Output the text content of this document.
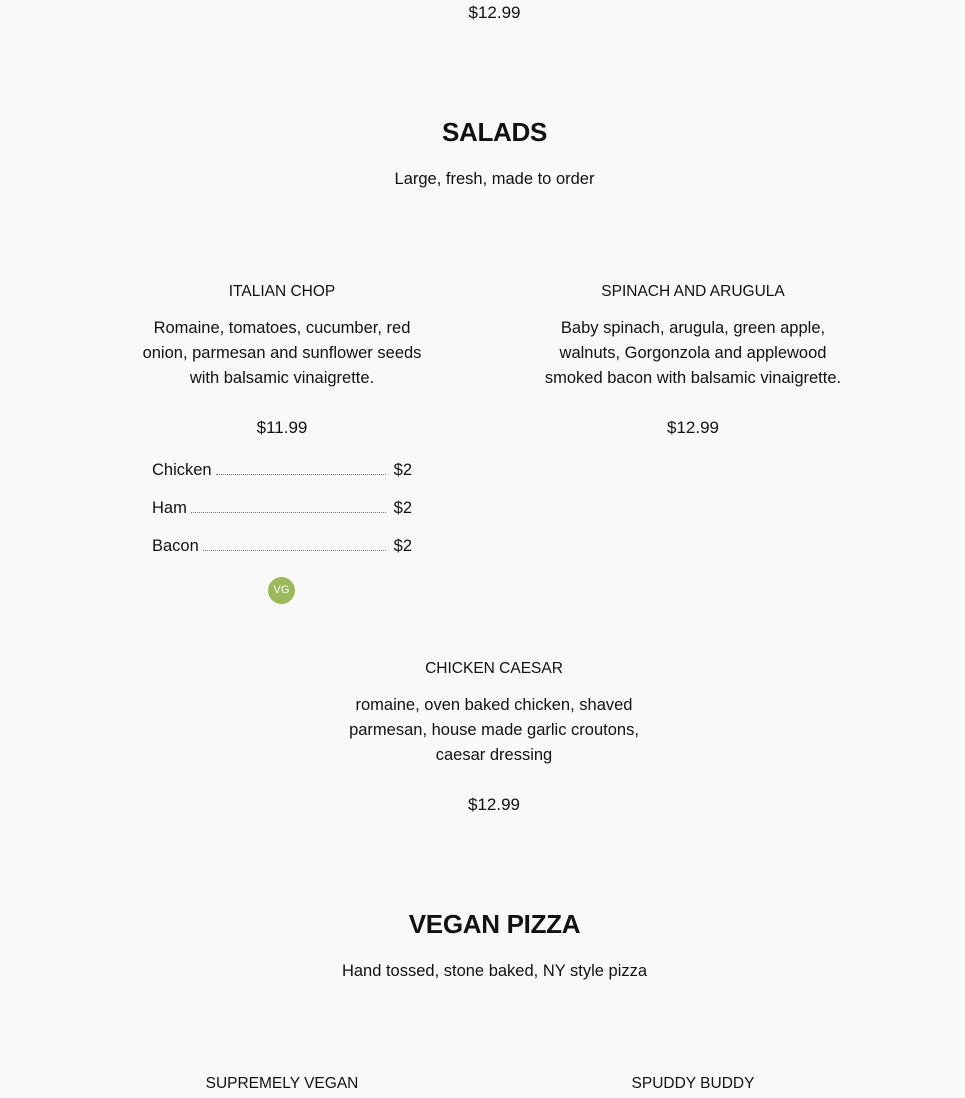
$12.99
SALADS
Large, fresh, made to order
ITALIAN CHOP
Romaine, tomatoes, cucumber, red onion, parmesan and sunflower seeds with balsamic vinaigrette.
$11.99
Chicken	$2
Ham	$2
Bacon	$2
VG
SPINACH AND ARUGULA
Baby spinach, arugula, green apple, walnuts, Gorgonzola and applewood smoked bacon with balsamic vinaigrette.
$12.99
CHICKEN CAESAR
romaine, oven baked chicken, shaved parmesan, house made garlic croutons, caesar dressing
$12.99
VEGAN PIZZA
Hand tossed, stone baked, NY style pizza
SUPREMELY VEGAN	SPUDDY BUDDY
